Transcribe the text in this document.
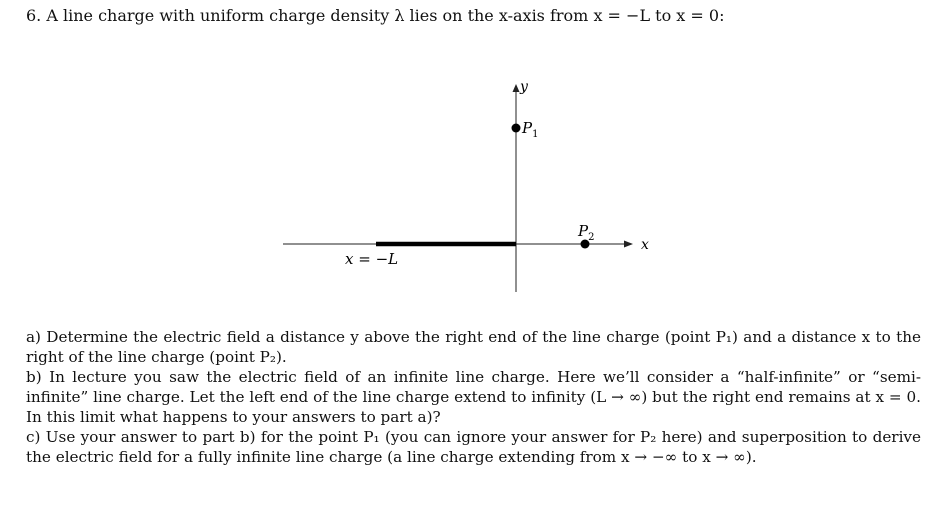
6. A line charge with uniform charge density λ lies on the x-axis from x = −L to x = 0:
y
x
$P_1$
$P_2$
x = −L

a) Determine the electric field a distance y above the right end of the line charge (point P₁) and a distance x to the right of the line charge (point P₂).

b) In lecture you saw the electric field of an infinite line charge. Here we’ll consider a “half-infinite” or “semi-infinite” line charge. Let the left end of the line charge extend to infinity (L → ∞) but the right end remains at x = 0. In this limit what happens to your answers to part a)?

c) Use your answer to part b) for the point P₁ (you can ignore your answer for P₂ here) and superposition to derive the electric field for a fully infinite line charge (a line charge extending from x → −∞ to x → ∞).
